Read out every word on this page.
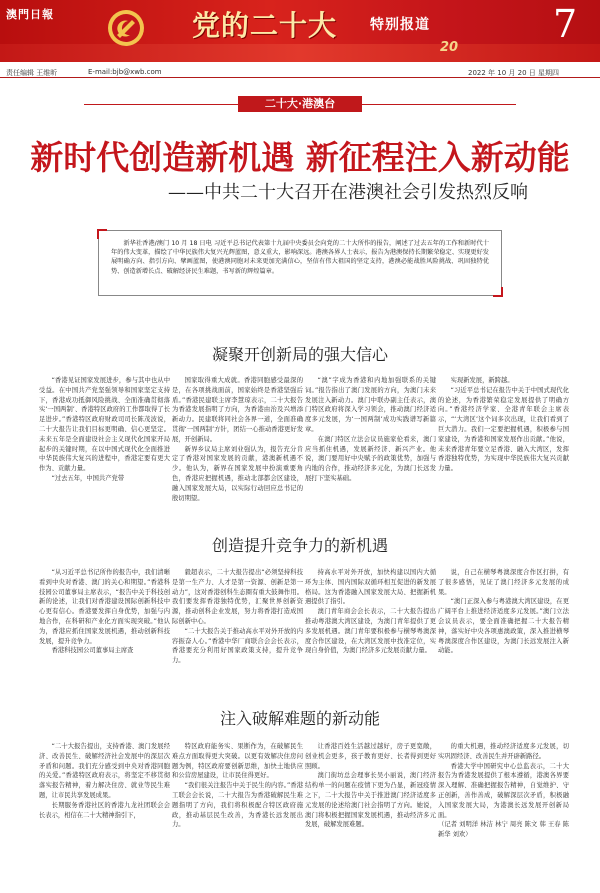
澳門日報	党的二十大 特别报道	7
20
责任编辑 王维昕	E-mail:bjb@xwb.com	2022 年 10 月 20 日 星期四
二十大·港澳台
新时代创造新机遇 新征程注入新动能
——中共二十大召开在港澳社会引发热烈反响

新华社香港/澳门 10 月 18 日电 习近平总书记代表第十九届中央委员会向党的二十大所作的报告，阐述了过去五年的工作和新时代十年的伟大变革，描绘了中华民族伟大复兴光辉蓝图，意义重大，影响深远。港澳各界人士表示，报告为港澳保持长期繁荣稳定、实现更好发展明确方向、指引方向、擘画蓝图，使港澳同胞对未来更加充满信心，坚信有伟大祖国的坚定支持，港澳必能战胜风险挑战、巩固独特优势、创造新增长点、破解经济民生难题，书写新的辉煌篇章。

凝聚开创新局的强大信心

“香港见证国家发展进步，参与其中也从中受益。在中国共产党坚强领导和国家坚定支持下，香港成功抵御风险挑战、全面准确贯彻落实‘一国两制’、香港特区政府的工作都取得了长足进步。”香港特区政府财政司司长陈茂波说，二十大报告让我们目标更明确、信心更坚定。未来五年是全面建设社会主义现代化国家开局起步的关键时期，在以中国式现代化全面推进中华民族伟大复兴的进程中，香港定要有更大作为、贡献力量。

“过去五年，中国共产党带

国家取得重大成就。香港同胞感受最深的是，在各项挑战面前，国家始终是香港坚强后盾。”香港民建联主席李慧琼表示，二十大报告为香港发展指明了方向，为香港由治及兴增添新动力。民建联将同社会各界一道，全面准确贯彻‘一国两制’方针，团结一心推动香港更好发展，开创新局。

新界乡议局主席刘业强认为，报告充分肯定了香港对国家发展的贡献，港澳新机遇不少。他认为，新界在国家发展中扮演重要角色，香港应把握机遇，推动北部都会区建设，融入国家发展大局，以实际行动回应总书记的殷切期望。

“澳”字成为香港和内地加强联系的关键词。”报告指出了澳门发展的方向，为澳门未来发展注入新动力。澳门中联办副主任表示，澳门特区政府将深入学习领会，推动澳门经济适度多元发展，为‘一国两制’成功实践谱写新篇章。

在澳门特区立法会议员施家伦看来，澳门应当抓住机遇，发展新经济、新兴产业。他说，澳门要用好中央赋予的政策优势，加强与内地的合作，推动经济多元化，为澳门长远发展打下坚实基础。

实现新发展，新跨越。

“习近平总书记在报告中关于中国式现代化的论述，为香港繁荣稳定发展提供了明确方向。”香港经济学家、全港青年联会主席表示，“‘大湾区’这个词多次出现，让我们看到了巨大潜力。我们一定要把握机遇，积极参与国家建设，为香港和国家发展作出贡献。”他说，未来香港青年要立足香港、融入大湾区，发挥香港独特优势，为实现中华民族伟大复兴贡献力量。

创造提升竞争力的新机遇

“从习近平总书记所作的报告中，我们清晰看到中央对香港、澳门的关心和期望。”香港科技园公司董事局主席表示，“报告中关于科技创新的论述，让我们对香港建设国际创新科技中心更有信心。香港要发挥自身优势，加强与内地合作，在科研和产业化方面实现突破。”他认为，香港应抓住国家发展机遇，推动创新科技发展，提升竞争力。

香港科技园公司董事局主席查

毅超表示，二十大报告提出“必须坚持科技是第一生产力、人才是第一资源、创新是第一动力”，这对香港创科生态圈有重大鼓舞作用。我们要发挥香港独特优势，汇聚世界创新资源，推动创科企业发展，努力将香港打造成国际创新中心。

“二十大报告关于推动高水平对外开放的内容振奋人心。”香港中华厂商联合会会长表示，香港要充分利用好国家政策支持，提升竞争力。

持高水平对外开放，加快构建以国内大循环为主体、国内国际双循环相互促进的新发展格局。这为香港融入国家发展大局、把握新机遇提供了指引。

澳门青年商会会长表示，二十大报告提出推动粤港澳大湾区建设，为澳门青年提供了更多发展机遇。澳门青年要积极参与横琴粤澳深度合作区建设，在大湾区发展中找准定位，实现自身价值，为澳门经济多元发展贡献力量。

说，自己在横琴粤澳深度合作区打拼，有了很多感悟，见证了澳门经济多元发展的成果。

“澳门正深入参与粤港澳大湾区建设，在更广阔平台上推进经济适度多元发展。”澳门立法会议员表示，要全面准确把握二十大报告精神，落实好中央各项惠澳政策，深入推进横琴粤澳深度合作区建设，为澳门长远发展注入新动能。

注入破解难题的新动能

“二十大报告提出，支持香港、澳门发展经济、改善民生、破解经济社会发展中的深层次矛盾和问题。我们充分感受到中央对香港同胞的关爱。”香港特区政府表示，将坚定不移贯彻落实报告精神，着力解决住房、就业等民生难题，让市民共享发展成果。

长期服务香港社区的香港九龙社团联会会长表示，相信在二十大精神指引下，

特区政府能务实、果断作为，在破解民生难点方面取得更大突破。以更有效解决住房问题为例，特区政府要创新思维，加快土地供应和公营房屋建设，让市民住得更好。

“我们很关注报告中关于民生的内容。”香港工联会会长说，二十大报告为香港破解民生难题指明了方向，我们将积极配合特区政府施政，推动基层民生改善，为香港长远发展出力。

让香港百姓生活越过越好，房子更宽敞，创业机会更多，孩子教育更好、长者得到更好照顾。

澳门街坊总会理事长吴小丽说，澳门经济结构单一的问题在疫情下更为凸显，新冠疫情之下，二十大报告中关于推进澳门经济适度多元发展的论述给澳门社会指明了方向。她说，澳门将积极把握国家发展机遇，推动经济多元发展，破解发展难题。

的重大机遇，推动经济适度多元发展，切实巩固经济、改善民生并开辟新路径。

香港大学中国研究中心总监表示，二十大报告为香港发展提供了根本遵循，港澳各界要深入理解、准确把握报告精神，自觉维护、守正创新，善作善成，破解深层次矛盾，积极融入国家发展大局，为港澳长远发展开创新局面。

（记者 刘明洋 林洁 林宁 周亮 陈文 韩 王春 陈新华 刘欢）
